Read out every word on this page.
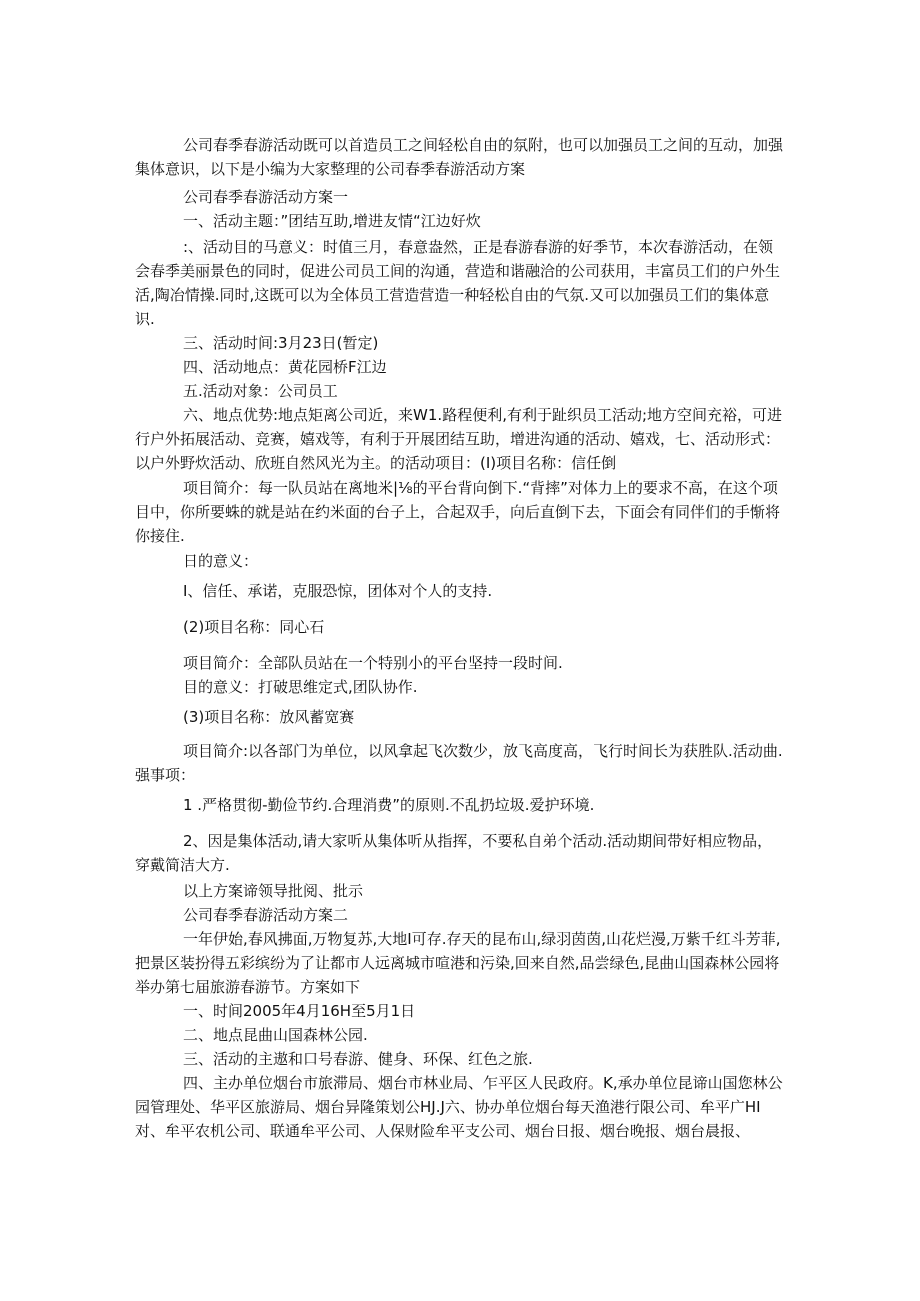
公司春季春游活动既可以首造员工之间轻松自由的氛附，也可以加强员工之间的互动，加强集体意识，以下是小编为大家整理的公司春季春游活动方案

公司春季春游活动方案一

一、活动主题：”团结互助,增进友情“江边好炊

:、活动目的马意义：时值三月，春意盎然，正是春游春游的好季节，本次春游活动，在领会春季美丽景色的同时，促进公司员工间的沟通，营造和谐融洽的公司获用，丰富员工们的户外生活,陶冶情操.同时,这既可以为全体员工营造营造一种轻松自由的气氛.又可以加强员工们的集体意识.

三、活动时间:3月23日(暂定)

四、活动地点：黄花园桥F江边

五.活动对象：公司员工

六、地点优势:地点矩离公司近，来W1.路程便利,有利于趾织员工活动;地方空间充裕，可进行户外拓展活动、竞赛，嬉戏等，有利于开展团结互助，增进沟通的活动、嬉戏，七、活动形式：以户外野炊活动、欣班自然风光为主。的活动项目：(I)项目名称：信任倒

项目简介：每一队员站在离地米|⅛的平台背向倒下.“背摔”对体力上的要求不高，在这个项目中，你所要蛛的就是站在约米面的台子上，合起双手，向后直倒下去，下面会有同伴们的手惭将你接住.

日的意义：

I、信任、承诺，克服恐惊，团体对个人的支持.

(2)项目名称：同心石

项目简介：全部队员站在一个特别小的平台坚持一段时间.

目的意义：打破思维定式,团队协作.

(3)项目名称：放风蓄宽赛

项目简介:以各部门为单位，以风拿起飞次数少，放飞高度高，飞行时间长为获胜队.活动曲.强事项：

1 .严格贯彻-勤俭节约.合理消费”的原则.不乱扔垃圾.爱护环境.

2、因是集体活动,请大家听从集体听从指挥，不要私自弟个活动.活动期间带好相应物品，穿戴简洁大方.

以上方案谛领导批阅、批示

公司春季春游活动方案二

一年伊始,春风拂面,万物复苏,大地I可存.存天的昆布山,绿羽茵茵,山花烂漫,万紫千红斗芳菲,把景区装扮得五彩缤纷为了让都市人远离城市喧港和污染,回来自然,品尝绿色,昆曲山国森林公园将举办第七届旅游春游节。方案如下

一、时间2005年4月16H至5月1日

二、地点昆曲山国森林公园.

三、活动的主遨和口号春游、健身、环保、红色之旅.

四、主办单位烟台市旅滞局、烟台市林业局、乍平区人民政府。K,承办单位昆谛山国您林公园管理处、华平区旅游局、烟台异隆策划公HJ.J六、协办单位烟台每天渔港行限公司、牟平广HI对、牟平农机公司、联通牟平公司、人保财险牟平支公司、烟台日报、烟台晚报、烟台晨报、
